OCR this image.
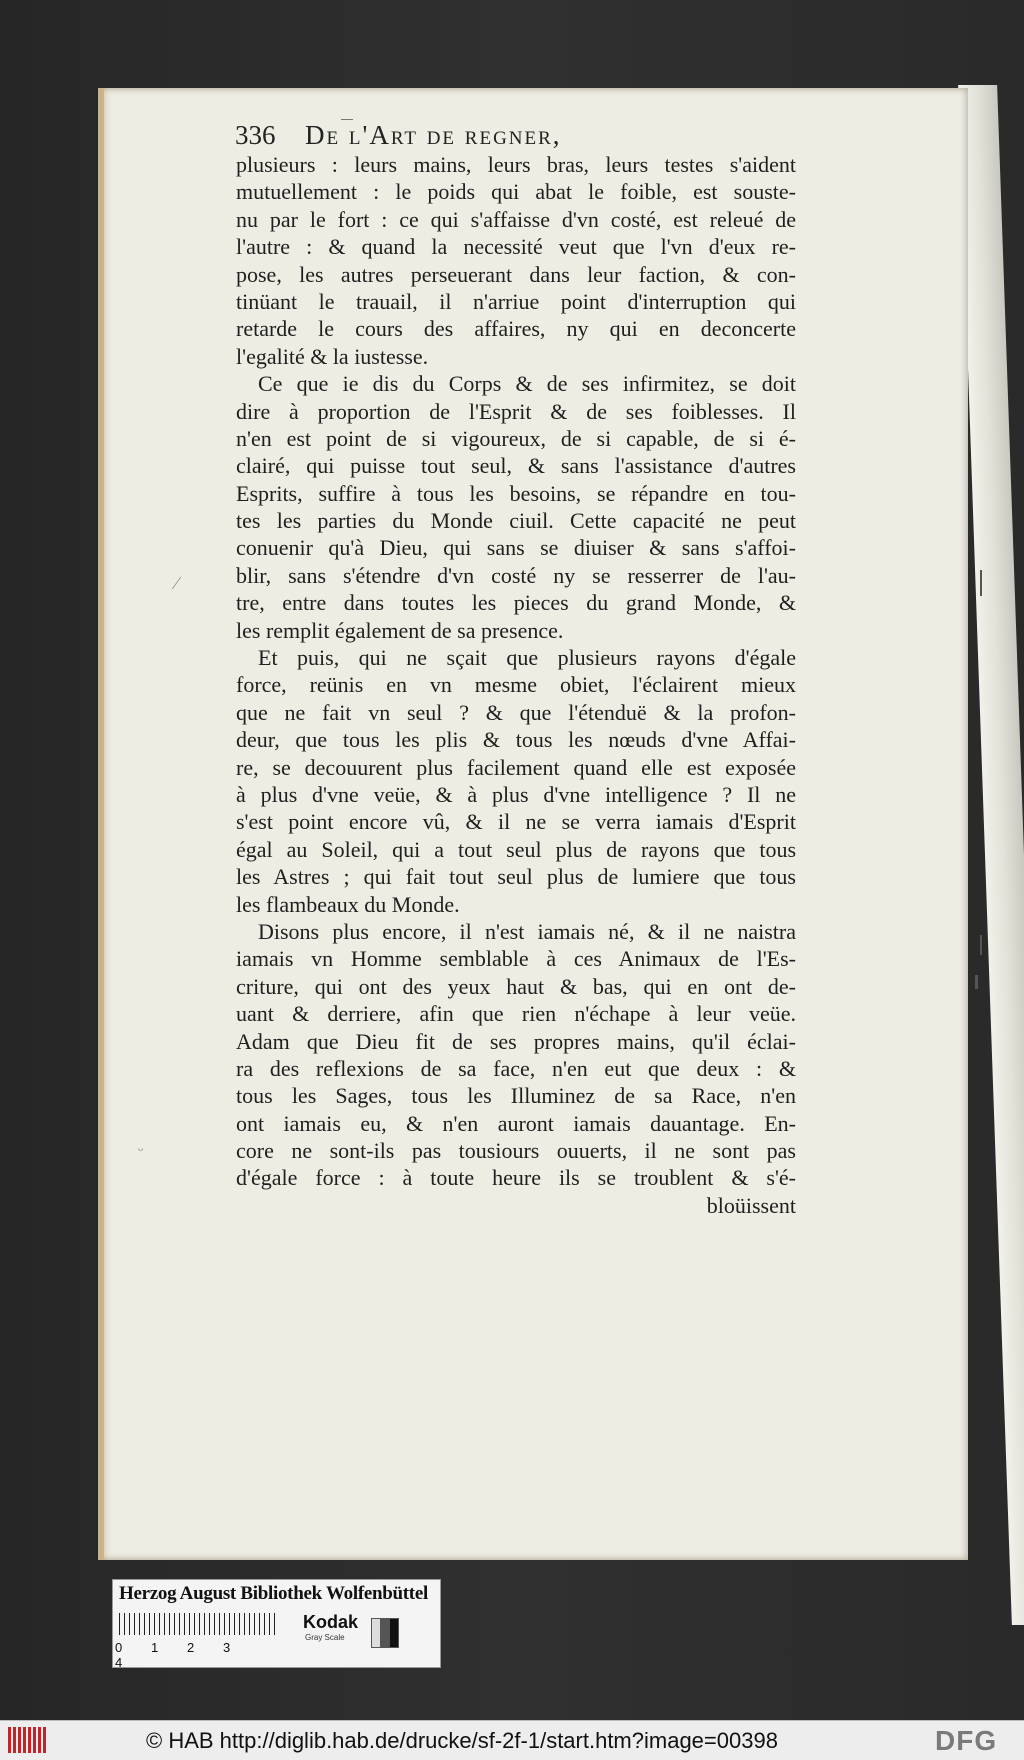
336 De l'Art de regner,
plusieurs : leurs mains, leurs bras, leurs testes s'aident
mutuellement : le poids qui abat le foible, est souste-
nu par le fort : ce qui s'affaisse d'vn costé, est releué de
l'autre : & quand la necessité veut que l'vn d'eux re-
pose, les autres perseuerant dans leur faction, & con-
tinüant le trauail, il n'arriue point d'interruption qui
retarde le cours des affaires, ny qui en deconcerte
l'egalité & la iustesse.
Ce que ie dis du Corps & de ses infirmitez, se doit
dire à proportion de l'Esprit & de ses foiblesses. Il
n'en est point de si vigoureux, de si capable, de si é-
clairé, qui puisse tout seul, & sans l'assistance d'autres
Esprits, suffire à tous les besoins, se répandre en tou-
tes les parties du Monde ciuil. Cette capacité ne peut
conuenir qu'à Dieu, qui sans se diuiser & sans s'affoi-
blir, sans s'étendre d'vn costé ny se resserrer de l'au-
tre, entre dans toutes les pieces du grand Monde, &
les remplit également de sa presence.
Et puis, qui ne sçait que plusieurs rayons d'égale
force, reünis en vn mesme obiet, l'éclairent mieux
que ne fait vn seul ? & que l'étenduë & la profon-
deur, que tous les plis & tous les nœuds d'vne Affai-
re, se decouurent plus facilement quand elle est exposée
à plus d'vne veüe, & à plus d'vne intelligence ? Il ne
s'est point encore vû, & il ne se verra iamais d'Esprit
égal au Soleil, qui a tout seul plus de rayons que tous
les Astres ; qui fait tout seul plus de lumiere que tous
les flambeaux du Monde.
Disons plus encore, il n'est iamais né, & il ne naistra
iamais vn Homme semblable à ces Animaux de l'Es-
criture, qui ont des yeux haut & bas, qui en ont de-
uant & derriere, afin que rien n'échape à leur veüe.
Adam que Dieu fit de ses propres mains, qu'il éclai-
ra des reflexions de sa face, n'en eut que deux : &
tous les Sages, tous les Illuminez de sa Race, n'en
ont iamais eu, & n'en auront iamais dauantage. En-
core ne sont-ils pas tousiours ouuerts, il ne sont pas
d'égale force : à toute heure ils se troublent & s'é-
bloüissent
⁄
ᵕ
Herzog August Bibliothek Wolfenbüttel
0 1 2 34
Kodak
Gray Scale
© HAB http://diglib.hab.de/drucke/sf-2f-1/start.htm?image=00398	DFG
